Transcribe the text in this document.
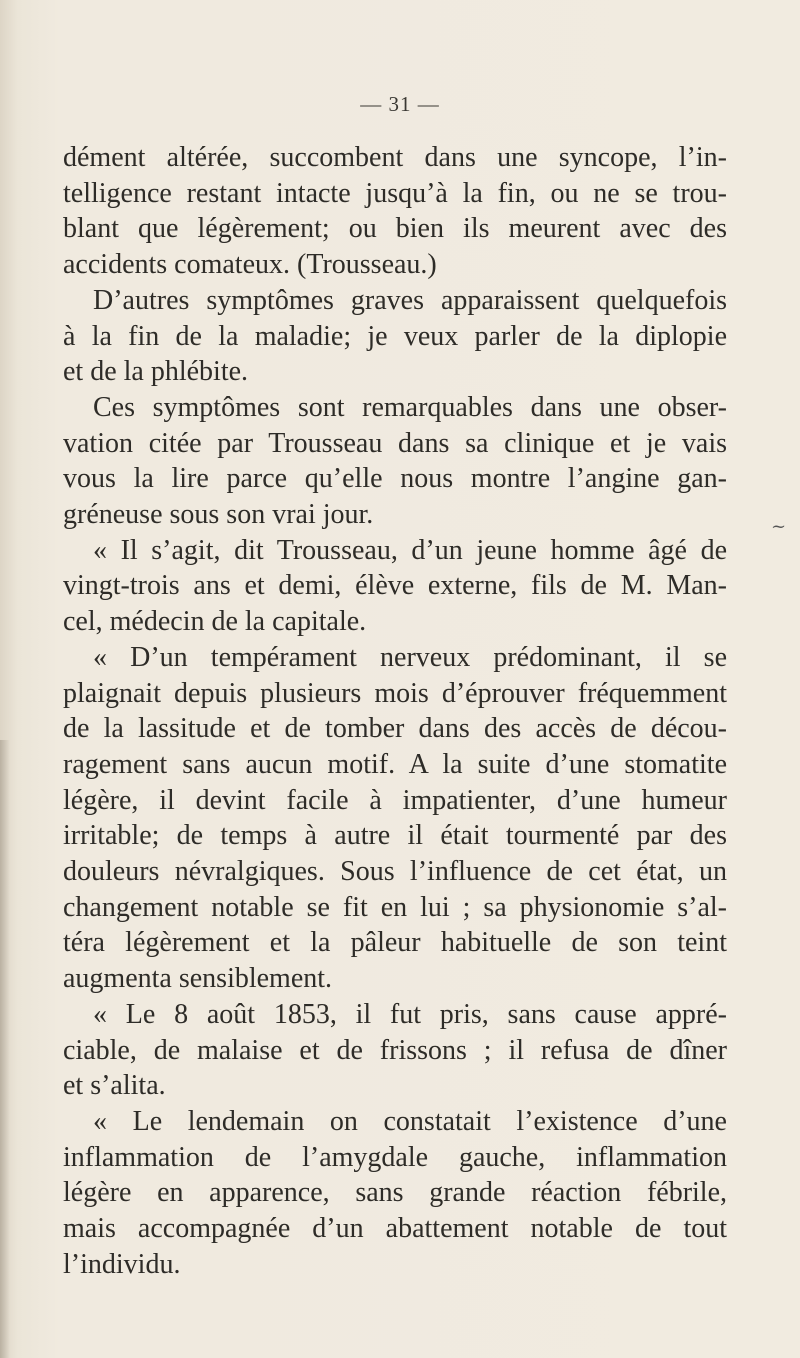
— 31 —
~
dément altérée, succombent dans une syncope, l’in-
telligence restant intacte jusqu’à la fin, ou ne se trou-
blant que légèrement; ou bien ils meurent avec des
accidents comateux. (Trousseau.)
D’autres symptômes graves apparaissent quelquefois
à la fin de la maladie; je veux parler de la diplopie
et de la phlébite.
Ces symptômes sont remarquables dans une obser-
vation citée par Trousseau dans sa clinique et je vais
vous la lire parce qu’elle nous montre l’angine gan-
gréneuse sous son vrai jour.
« Il s’agit, dit Trousseau, d’un jeune homme âgé de
vingt-trois ans et demi, élève externe, fils de M. Man-
cel, médecin de la capitale.
« D’un tempérament nerveux prédominant, il se
plaignait depuis plusieurs mois d’éprouver fréquemment
de la lassitude et de tomber dans des accès de décou-
ragement sans aucun motif. A la suite d’une stomatite
légère, il devint facile à impatienter, d’une humeur
irritable; de temps à autre il était tourmenté par des
douleurs névralgiques. Sous l’influence de cet état, un
changement notable se fit en lui ; sa physionomie s’al-
téra légèrement et la pâleur habituelle de son teint
augmenta sensiblement.
« Le 8 août 1853, il fut pris, sans cause appré-
ciable, de malaise et de frissons ; il refusa de dîner
et s’alita.
« Le lendemain on constatait l’existence d’une
inflammation de l’amygdale gauche, inflammation
légère en apparence, sans grande réaction fébrile,
mais accompagnée d’un abattement notable de tout
l’individu.
